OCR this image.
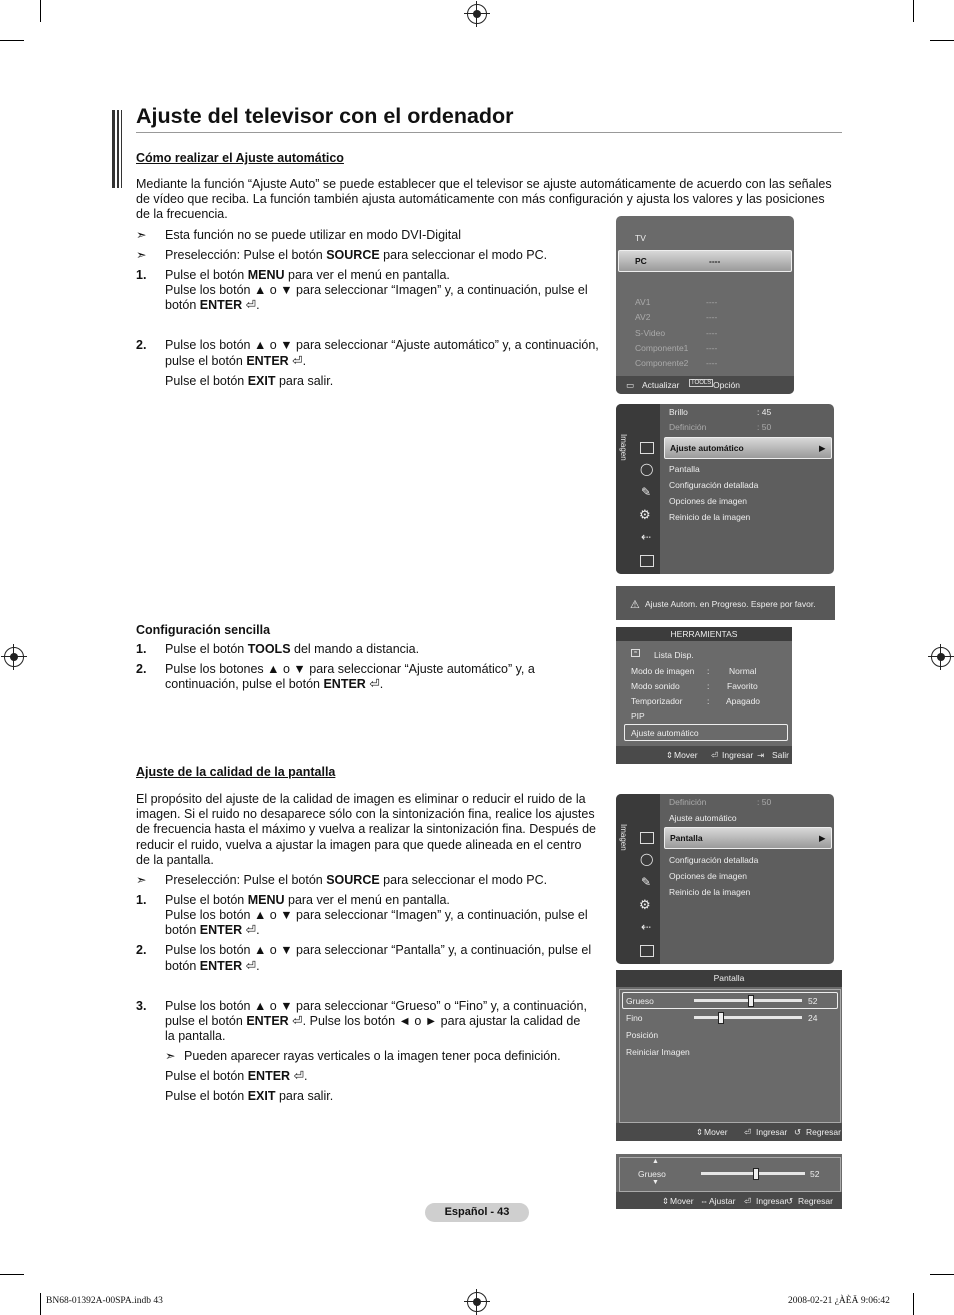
Ajuste del televisor con el ordenador
Cómo realizar el Ajuste automático
Mediante la función “Ajuste Auto” se puede establecer que el televisor se ajuste automáticamente de acuerdo con las señales de vídeo que reciba. La función también ajusta automáticamente con más configuración y ajusta los valores y las posiciones de la frecuencia.
➣ Esta función no se puede utilizar en modo DVI-Digital
➣ Preselección: Pulse el botón SOURCE para seleccionar el modo PC.
1. Pulse el botón MENU para ver el menú en pantalla.
Pulse los botón ▲ o ▼ para seleccionar “Imagen” y, a continuación, pulse el
botón ENTER ⏎.
2. Pulse los botón ▲ o ▼ para seleccionar “Ajuste automático” y, a continuación,
pulse el botón ENTER ⏎.
Pulse el botón EXIT para salir.
TV
PC	----
AV1	----
AV2	----
S-Video	----
Componente1 ----
Componente2 ----
▭ Actualizar	TOOLS Opción
Imagen
◯
✎
⚙
⇠
Brillo	: 45
Definición	: 50
Ajuste automático	▶
Pantalla
Configuración detallada
Opciones de imagen
Reinicio de la imagen
⚠ Ajuste Autom. en Progreso. Espere por favor.
Configuración sencilla
1. Pulse el botón TOOLS del mando a distancia.
2. Pulse los botones ▲ o ▼ para seleccionar “Ajuste automático” y, a
continuación, pulse el botón ENTER ⏎.
HERRAMIENTAS
≈	Lista Disp.
Modo de imagen : Normal
Modo sonido	: Favorito
Temporizador	: Apagado
PIP
Ajuste automático
⇕ Mover ⏎ Ingresar ⇥ Salir
Ajuste de la calidad de la pantalla
El propósito del ajuste de la calidad de imagen es eliminar o reducir el ruido de la imagen. Si el ruido no desaparece sólo con la sintonización fina, realice los ajustes de frecuencia hasta el máximo y vuelva a realizar la sintonización fina. Después de reducir el ruido, vuelva a ajustar la imagen para que quede alineada en el centro de la pantalla.
➣ Preselección: Pulse el botón SOURCE para seleccionar el modo PC.
1. Pulse el botón MENU para ver el menú en pantalla.
Pulse los botón ▲ o ▼ para seleccionar “Imagen” y, a continuación, pulse el
botón ENTER ⏎.
2. Pulse los botón ▲ o ▼ para seleccionar “Pantalla” y, a continuación, pulse el
botón ENTER ⏎.
3. Pulse los botón ▲ o ▼ para seleccionar “Grueso” o “Fino” y, a continuación,
pulse el botón ENTER ⏎. Pulse los botón ◄ o ► para ajustar la calidad de
la pantalla.
➣ Pueden aparecer rayas verticales o la imagen tener poca definición.
Pulse el botón ENTER ⏎.
Pulse el botón EXIT para salir.
Imagen
◯
✎
⚙
⇠
Definición	: 50
Ajuste automático
Pantalla	▶
Configuración detallada
Opciones de imagen
Reinicio de la imagen
Pantalla
Grueso	52
Fino	24
Posición
Reiniciar Imagen
⇕ Mover ⏎ Ingresar ↺ Regresar
▲
Grueso
▼
52
⇕ Mover ⇔ Ajustar ⏎ Ingresar
↺ Regresar
Español - 43
BN68-01392A-00SPA.indb 43	2008-02-21 ¿ÀÈÄ 9:06:42
